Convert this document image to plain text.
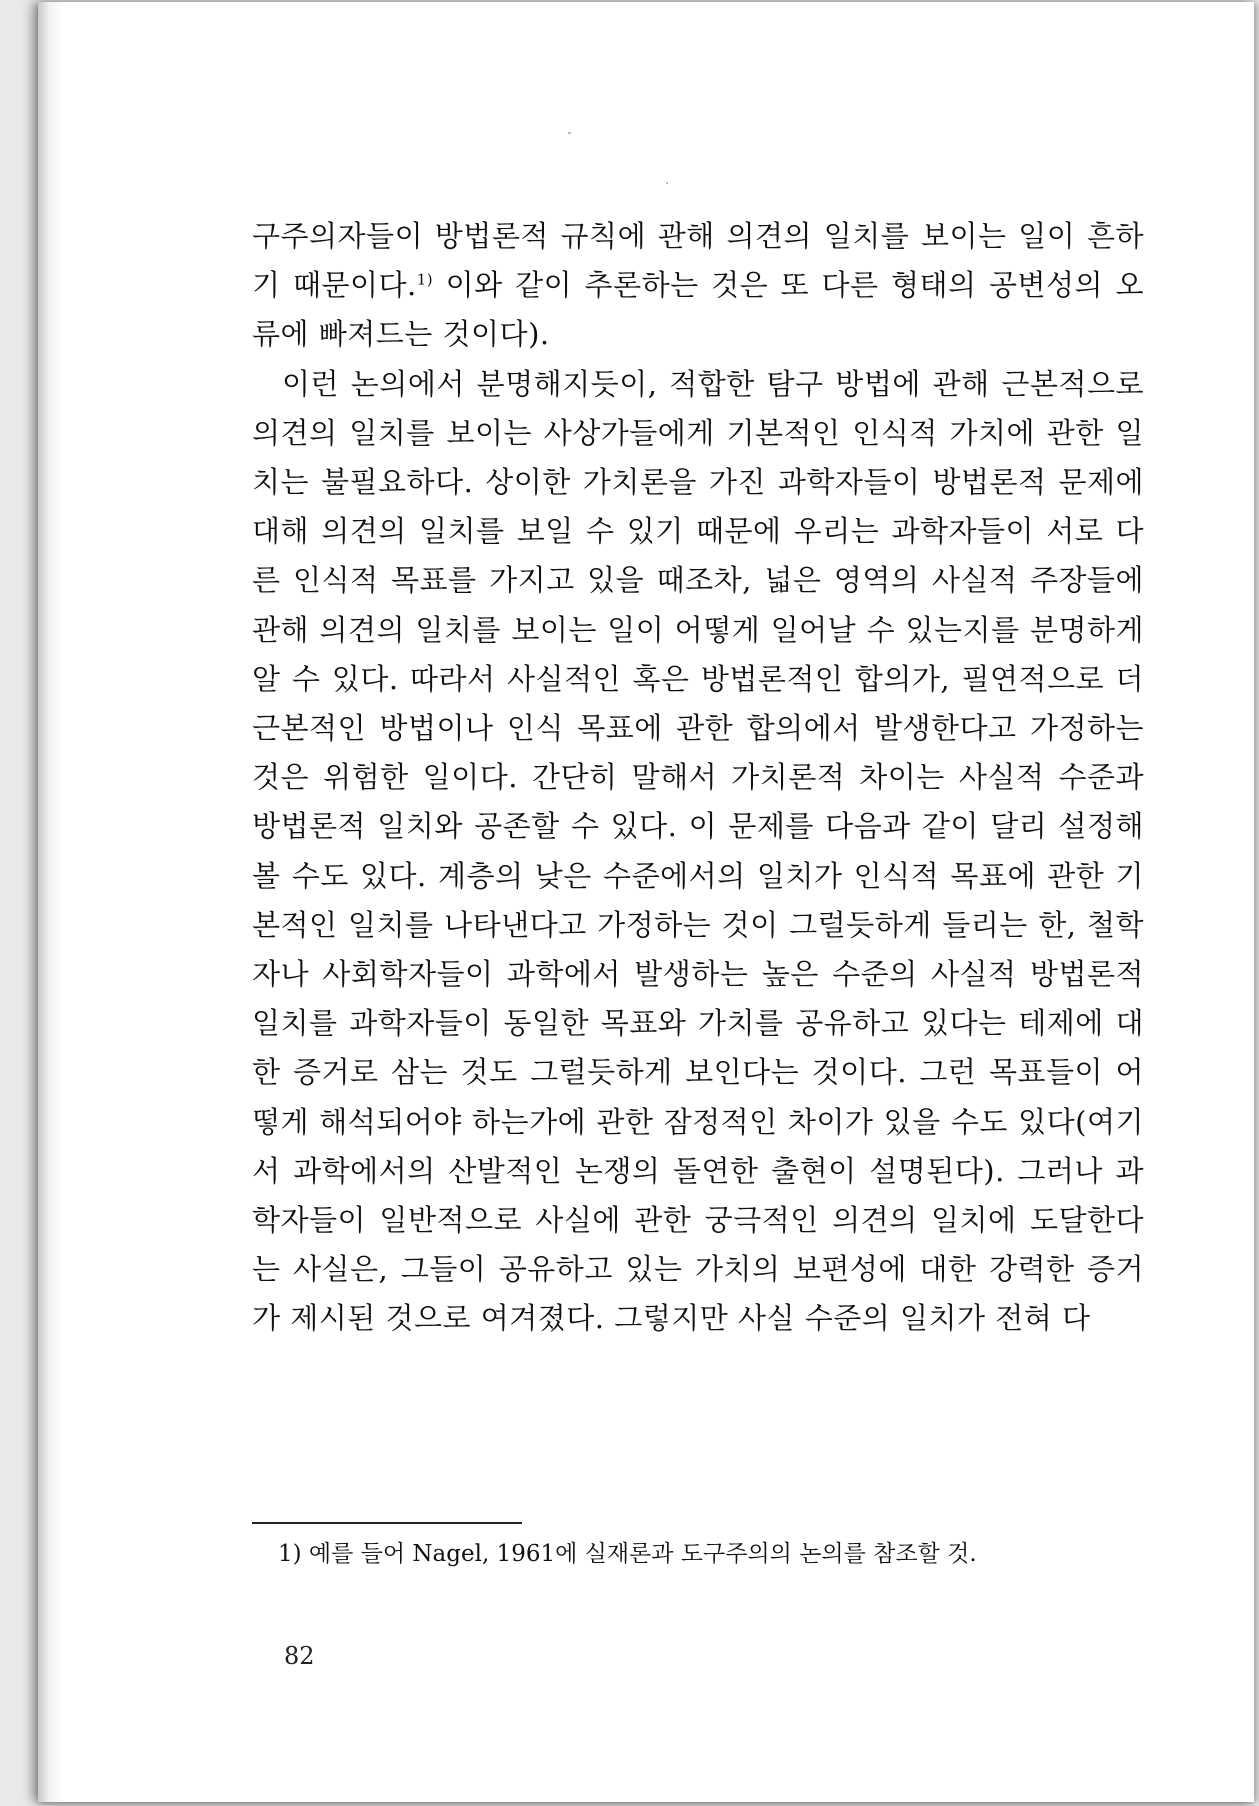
구주의자들이 방법론적 규칙에 관해 의견의 일치를 보이는 일이 흔하기 때문이다.$^{1)}$ 이와 같이 추론하는 것은 또 다른 형태의 공변성의 오류에 빠져드는 것이다).

이런 논의에서 분명해지듯이, 적합한 탐구 방법에 관해 근본적으로 의견의 일치를 보이는 사상가들에게 기본적인 인식적 가치에 관한 일치는 불필요하다. 상이한 가치론을 가진 과학자들이 방법론적 문제에 대해 의견의 일치를 보일 수 있기 때문에 우리는 과학자들이 서로 다른 인식적 목표를 가지고 있을 때조차, 넓은 영역의 사실적 주장들에 관해 의견의 일치를 보이는 일이 어떻게 일어날 수 있는지를 분명하게 알 수 있다. 따라서 사실적인 혹은 방법론적인 합의가, 필연적으로 더 근본적인 방법이나 인식 목표에 관한 합의에서 발생한다고 가정하는 것은 위험한 일이다. 간단히 말해서 가치론적 차이는 사실적 수준과 방법론적 일치와 공존할 수 있다. 이 문제를 다음과 같이 달리 설정해 볼 수도 있다. 계층의 낮은 수준에서의 일치가 인식적 목표에 관한 기본적인 일치를 나타낸다고 가정하는 것이 그럴듯하게 들리는 한, 철학자나 사회학자들이 과학에서 발생하는 높은 수준의 사실적 방법론적 일치를 과학자들이 동일한 목표와 가치를 공유하고 있다는 테제에 대한 증거로 삼는 것도 그럴듯하게 보인다는 것이다. 그런 목표들이 어떻게 해석되어야 하는가에 관한 잠정적인 차이가 있을 수도 있다(여기서 과학에서의 산발적인 논쟁의 돌연한 출현이 설명된다). 그러나 과학자들이 일반적으로 사실에 관한 궁극적인 의견의 일치에 도달한다는 사실은, 그들이 공유하고 있는 가치의 보편성에 대한 강력한 증거가 제시된 것으로 여겨졌다. 그렇지만 사실 수준의 일치가 전혀 다

1) 예를 들어 Nagel, 1961에 실재론과 도구주의의 논의를 참조할 것.
82
